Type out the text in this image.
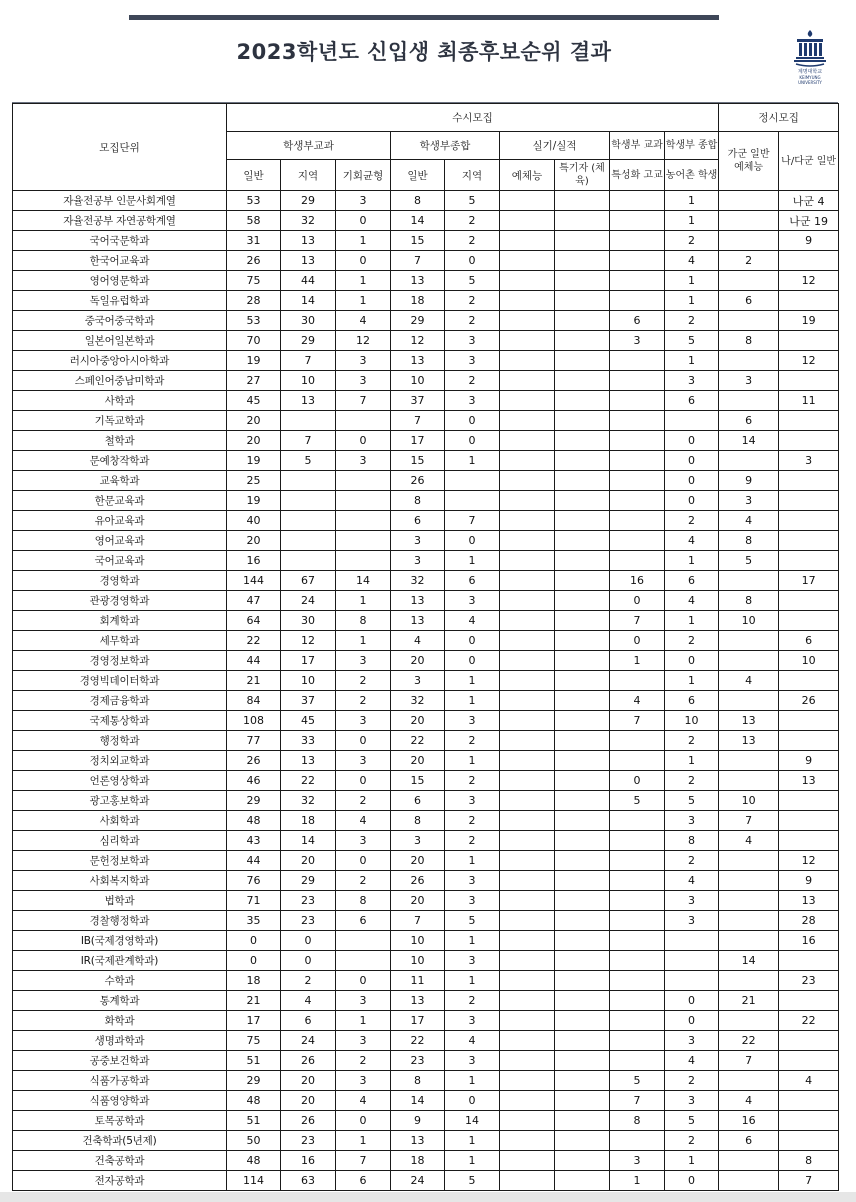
2023학년도 신입생 최종후보순위 결과
계명대학교
KEIMYUNG UNIVERSITY
모집단위	수시모집									정시모집	
	학생부교과			학생부종합		실기/실적		학생부 교과	학생부 종합	가군 일반
예체능	나/다군 일반
	일반	지역	기회균형	일반	지역	예체능	특기자 (체육)	특성화 고교	농어촌 학생		
자율전공부 인문사회계열	53	29	3	8	5				1		나군 4
자율전공부 자연공학계열	58	32	0	14	2				1		나군 19
국어국문학과	31	13	1	15	2				2		9
한국어교육과	26	13	0	7	0				4	2	
영어영문학과	75	44	1	13	5				1		12
독일유럽학과	28	14	1	18	2				1	6	
중국어중국학과	53	30	4	29	2			6	2		19
일본어일본학과	70	29	12	12	3			3	5	8	
러시아중앙아시아학과	19	7	3	13	3				1		12
스페인어중남미학과	27	10	3	10	2				3	3	
사학과	45	13	7	37	3				6		11
기독교학과	20			7	0					6	
철학과	20	7	0	17	0				0	14	
문예창작학과	19	5	3	15	1				0		3
교육학과	25			26					0	9	
한문교육과	19			8					0	3	
유아교육과	40			6	7				2	4	
영어교육과	20			3	0				4	8	
국어교육과	16			3	1				1	5	
경영학과	144	67	14	32	6			16	6		17
관광경영학과	47	24	1	13	3			0	4	8	
회계학과	64	30	8	13	4			7	1	10	
세무학과	22	12	1	4	0			0	2		6
경영정보학과	44	17	3	20	0			1	0		10
경영빅데이터학과	21	10	2	3	1				1	4	
경제금융학과	84	37	2	32	1			4	6		26
국제통상학과	108	45	3	20	3			7	10	13	
행정학과	77	33	0	22	2				2	13	
정치외교학과	26	13	3	20	1				1		9
언론영상학과	46	22	0	15	2			0	2		13
광고홍보학과	29	32	2	6	3			5	5	10	
사회학과	48	18	4	8	2				3	7	
심리학과	43	14	3	3	2				8	4	
문헌정보학과	44	20	0	20	1				2		12
사회복지학과	76	29	2	26	3				4		9
법학과	71	23	8	20	3				3		13
경찰행정학과	35	23	6	7	5				3		28
IB(국제경영학과)	0	0		10	1						16
IR(국제관계학과)	0	0		10	3					14	
수학과	18	2	0	11	1						23
통계학과	21	4	3	13	2				0	21	
화학과	17	6	1	17	3				0		22
생명과학과	75	24	3	22	4				3	22	
공중보건학과	51	26	2	23	3				4	7	
식품가공학과	29	20	3	8	1			5	2		4
식품영양학과	48	20	4	14	0			7	3	4	
토목공학과	51	26	0	9	14			8	5	16	
건축학과(5년제)	50	23	1	13	1				2	6	
건축공학과	48	16	7	18	1			3	1		8
전자공학과	114	63	6	24	5			1	0		7
